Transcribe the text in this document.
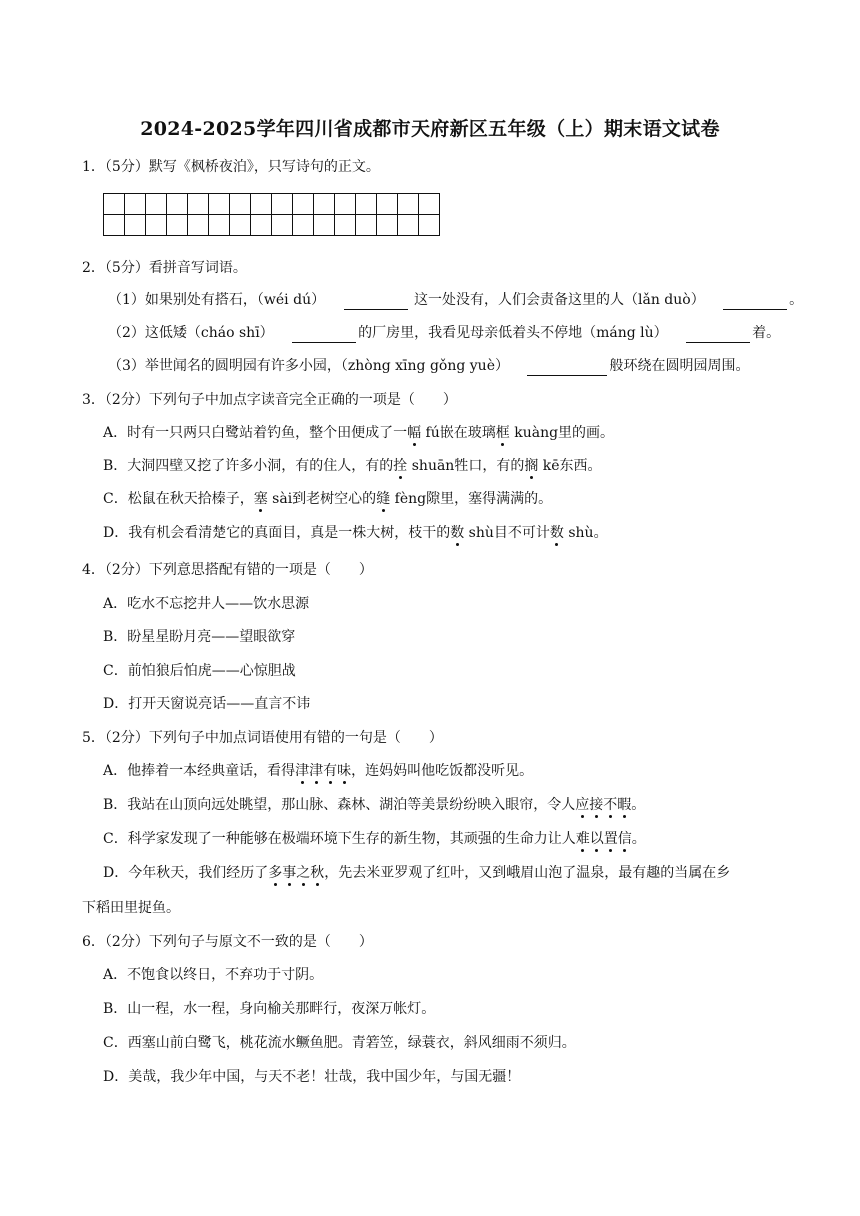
2024-2025学年四川省成都市天府新区五年级（上）期末语文试卷
1．（5分）默写《枫桥夜泊》，只写诗句的正文。

2．（5分）看拼音写词语。
（1）如果别处有搭石，（wéi dú）	这一处没有，人们会责备这里的人（lǎn duò）	。
（2）这低矮（cháo shī）	的厂房里，我看见母亲低着头不停地（máng lù）	着。
（3）举世闻名的圆明园有许多小园，（zhòng xīng gǒng yuè）	般环绕在圆明园周围。
3．（2分）下列句子中加点字读音完全正确的一项是（　　）
A．时有一只两只白鹭站着钓鱼，整个田便成了一幅 fú嵌在玻璃框 kuàng里的画。
B．大洞四壁又挖了许多小洞，有的住人，有的拴 shuān牲口，有的搁 kē东西。
C．松鼠在秋天拾榛子，塞 sài到老树空心的缝 fèng隙里，塞得满满的。
D．我有机会看清楚它的真面目，真是一株大树，枝干的数 shù目不可计数 shù。
4．（2分）下列意思搭配有错的一项是（　　）
A．吃水不忘挖井人——饮水思源
B．盼星星盼月亮——望眼欲穿
C．前怕狼后怕虎——心惊胆战
D．打开天窗说亮话——直言不讳
5．（2分）下列句子中加点词语使用有错的一句是（　　）
A．他捧着一本经典童话，看得津津有味，连妈妈叫他吃饭都没听见。
B．我站在山顶向远处眺望，那山脉、森林、湖泊等美景纷纷映入眼帘，令人应接不暇。
C．科学家发现了一种能够在极端环境下生存的新生物，其顽强的生命力让人难以置信。
D．今年秋天，我们经历了多事之秋，先去米亚罗观了红叶，又到峨眉山泡了温泉，最有趣的当属在乡
下稻田里捉鱼。
6．（2分）下列句子与原文不一致的是（　　）
A．不饱食以终日，不弃功于寸阴。
B．山一程，水一程，身向榆关那畔行，夜深万帐灯。
C．西塞山前白鹭飞，桃花流水鳜鱼肥。青箬笠，绿蓑衣，斜风细雨不须归。
D．美哉，我少年中国，与天不老！壮哉，我中国少年，与国无疆！
